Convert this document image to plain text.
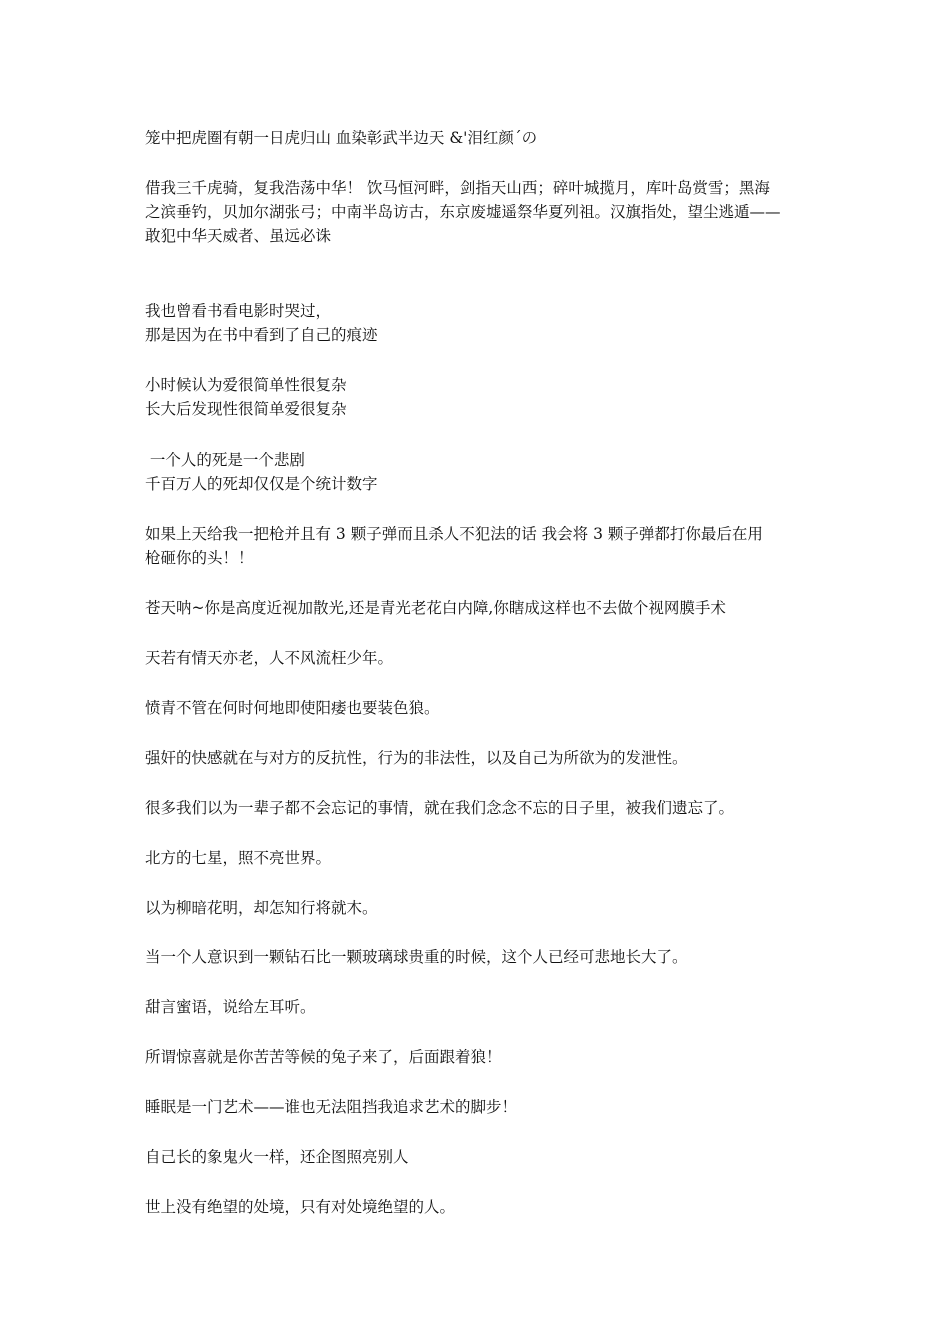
笼中把虎圈有朝一日虎归山 血染彰武半边天 &'泪红颜ˊの
借我三千虎骑，复我浩荡中华！ 饮马恒河畔，剑指天山西；碎叶城揽月，库叶岛赏雪；黑海
之滨垂钓，贝加尔湖张弓；中南半岛访古，东京废墟遥祭华夏列祖。汉旗指处，望尘逃遁——
敢犯中华天威者、虽远必诛
我也曾看书看电影时哭过，
那是因为在书中看到了自己的痕迹
小时候认为爱很简单性很复杂
长大后发现性很简单爱很复杂
一个人的死是一个悲剧
千百万人的死却仅仅是个统计数字
如果上天给我一把枪并且有 3 颗子弹而且杀人不犯法的话 我会将 3 颗子弹都打你最后在用
枪砸你的头！！
苍天呐~你是高度近视加散光,还是青光老花白内障,你瞎成这样也不去做个视网膜手术
天若有情天亦老，人不风流枉少年。
愤青不管在何时何地即使阳痿也要装色狼。
强奸的快感就在与对方的反抗性，行为的非法性，以及自己为所欲为的发泄性。
很多我们以为一辈子都不会忘记的事情，就在我们念念不忘的日子里，被我们遗忘了。
北方的七星，照不亮世界。
以为柳暗花明，却怎知行将就木。
当一个人意识到一颗钻石比一颗玻璃球贵重的时候，这个人已经可悲地长大了。
甜言蜜语，说给左耳听。
所谓惊喜就是你苦苦等候的兔子来了，后面跟着狼！
睡眠是一门艺术——谁也无法阻挡我追求艺术的脚步！
自己长的象鬼火一样，还企图照亮别人
世上没有绝望的处境，只有对处境绝望的人。
